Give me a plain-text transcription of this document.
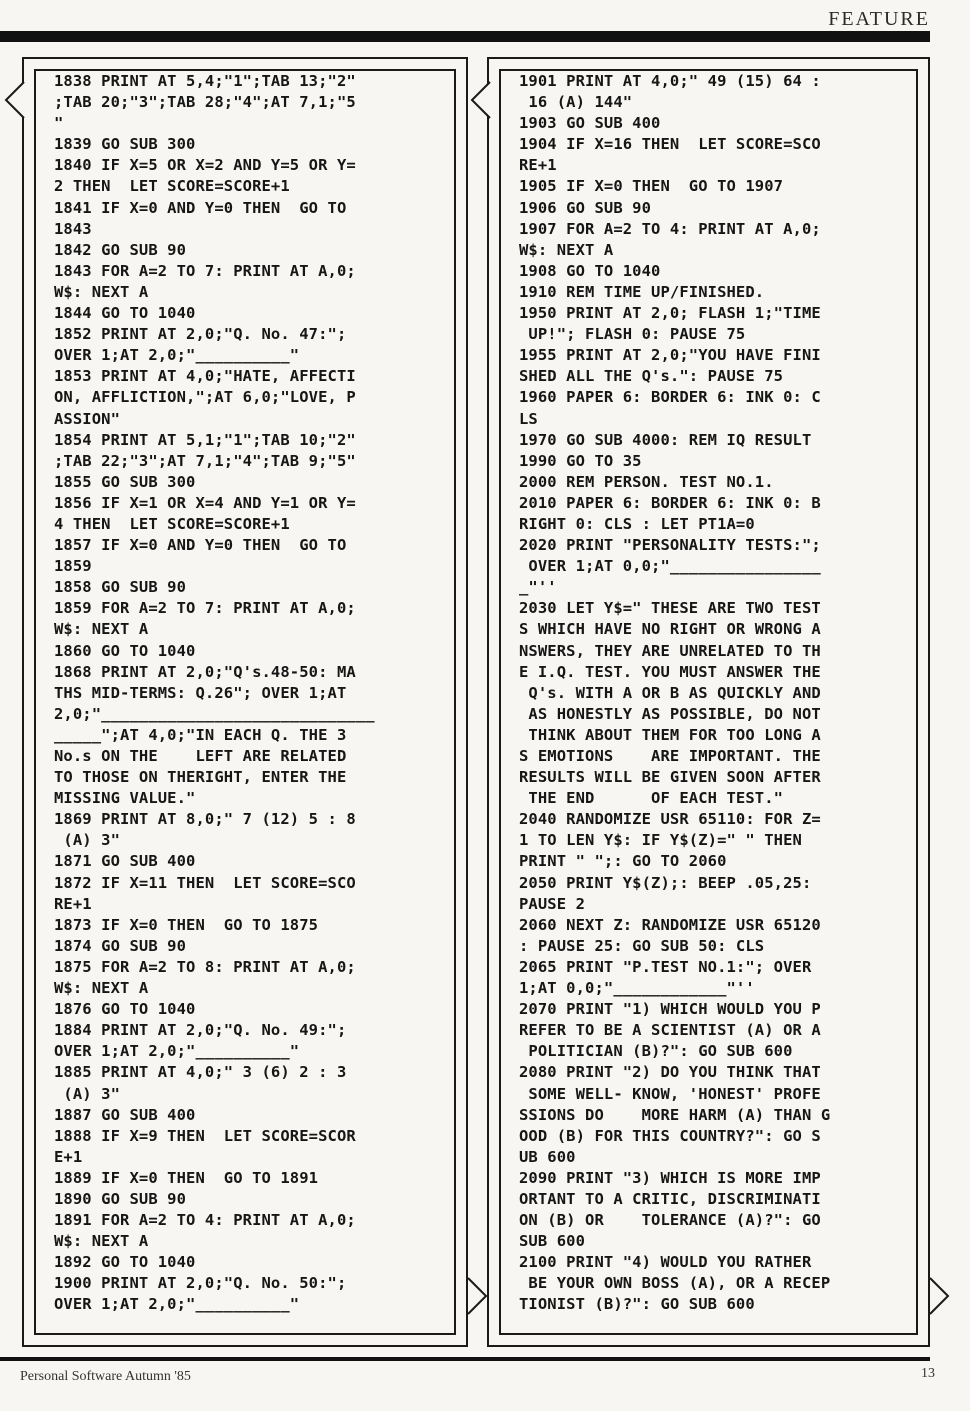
FEATURE
1838 PRINT AT 5,4;"1";TAB 13;"2"
;TAB 20;"3";TAB 28;"4";AT 7,1;"5
"
1839 GO SUB 300
1840 IF X=5 OR X=2 AND Y=5 OR Y=
2 THEN  LET SCORE=SCORE+1
1841 IF X=0 AND Y=0 THEN  GO TO
1843
1842 GO SUB 90
1843 FOR A=2 TO 7: PRINT AT A,0;
W$: NEXT A
1844 GO TO 1040
1852 PRINT AT 2,0;"Q. No. 47:";
OVER 1;AT 2,0;"__________"
1853 PRINT AT 4,0;"HATE, AFFECTI
ON, AFFLICTION,";AT 6,0;"LOVE, P
ASSION"
1854 PRINT AT 5,1;"1";TAB 10;"2"
;TAB 22;"3";AT 7,1;"4";TAB 9;"5"
1855 GO SUB 300
1856 IF X=1 OR X=4 AND Y=1 OR Y=
4 THEN  LET SCORE=SCORE+1
1857 IF X=0 AND Y=0 THEN  GO TO
1859
1858 GO SUB 90
1859 FOR A=2 TO 7: PRINT AT A,0;
W$: NEXT A
1860 GO TO 1040
1868 PRINT AT 2,0;"Q's.48-50: MA
THS MID-TERMS: Q.26"; OVER 1;AT
2,0;"_____________________________
_____";AT 4,0;"IN EACH Q. THE 3
No.s ON THE    LEFT ARE RELATED
TO THOSE ON THERIGHT, ENTER THE
MISSING VALUE."
1869 PRINT AT 8,0;" 7 (12) 5 : 8
(A) 3"
1871 GO SUB 400
1872 IF X=11 THEN  LET SCORE=SCO
RE+1
1873 IF X=0 THEN  GO TO 1875
1874 GO SUB 90
1875 FOR A=2 TO 8: PRINT AT A,0;
W$: NEXT A
1876 GO TO 1040
1884 PRINT AT 2,0;"Q. No. 49:";
OVER 1;AT 2,0;"__________"
1885 PRINT AT 4,0;" 3 (6) 2 : 3
(A) 3"
1887 GO SUB 400
1888 IF X=9 THEN  LET SCORE=SCOR
E+1
1889 IF X=0 THEN  GO TO 1891
1890 GO SUB 90
1891 FOR A=2 TO 4: PRINT AT A,0;
W$: NEXT A
1892 GO TO 1040
1900 PRINT AT 2,0;"Q. No. 50:";
OVER 1;AT 2,0;"__________"
1901 PRINT AT 4,0;" 49 (15) 64 :
16 (A) 144"
1903 GO SUB 400
1904 IF X=16 THEN  LET SCORE=SCO
RE+1
1905 IF X=0 THEN  GO TO 1907
1906 GO SUB 90
1907 FOR A=2 TO 4: PRINT AT A,0;
W$: NEXT A
1908 GO TO 1040
1910 REM TIME UP/FINISHED.
1950 PRINT AT 2,0; FLASH 1;"TIME
UP!"; FLASH 0: PAUSE 75
1955 PRINT AT 2,0;"YOU HAVE FINI
SHED ALL THE Q's.": PAUSE 75
1960 PAPER 6: BORDER 6: INK 0: C
LS
1970 GO SUB 4000: REM IQ RESULT
1990 GO TO 35
2000 REM PERSON. TEST NO.1.
2010 PAPER 6: BORDER 6: INK 0: B
RIGHT 0: CLS : LET PT1A=0
2020 PRINT "PERSONALITY TESTS:";
OVER 1;AT 0,0;"________________
_"''
2030 LET Y$=" THESE ARE TWO TEST
S WHICH HAVE NO RIGHT OR WRONG A
NSWERS, THEY ARE UNRELATED TO TH
E I.Q. TEST. YOU MUST ANSWER THE
Q's. WITH A OR B AS QUICKLY AND
AS HONESTLY AS POSSIBLE, DO NOT
THINK ABOUT THEM FOR TOO LONG A
S EMOTIONS    ARE IMPORTANT. THE
RESULTS WILL BE GIVEN SOON AFTER
THE END      OF EACH TEST."
2040 RANDOMIZE USR 65110: FOR Z=
1 TO LEN Y$: IF Y$(Z)=" " THEN
PRINT " ";: GO TO 2060
2050 PRINT Y$(Z);: BEEP .05,25:
PAUSE 2
2060 NEXT Z: RANDOMIZE USR 65120
: PAUSE 25: GO SUB 50: CLS
2065 PRINT "P.TEST NO.1:"; OVER
1;AT 0,0;"____________"''
2070 PRINT "1) WHICH WOULD YOU P
REFER TO BE A SCIENTIST (A) OR A
POLITICIAN (B)?": GO SUB 600
2080 PRINT "2) DO YOU THINK THAT
SOME WELL- KNOW, 'HONEST' PROFE
SSIONS DO    MORE HARM (A) THAN G
OOD (B) FOR THIS COUNTRY?": GO S
UB 600
2090 PRINT "3) WHICH IS MORE IMP
ORTANT TO A CRITIC, DISCRIMINATI
ON (B) OR    TOLERANCE (A)?": GO
SUB 600
2100 PRINT "4) WOULD YOU RATHER
BE YOUR OWN BOSS (A), OR A RECEP
TIONIST (B)?": GO SUB 600
Personal Software Autumn '85	13
